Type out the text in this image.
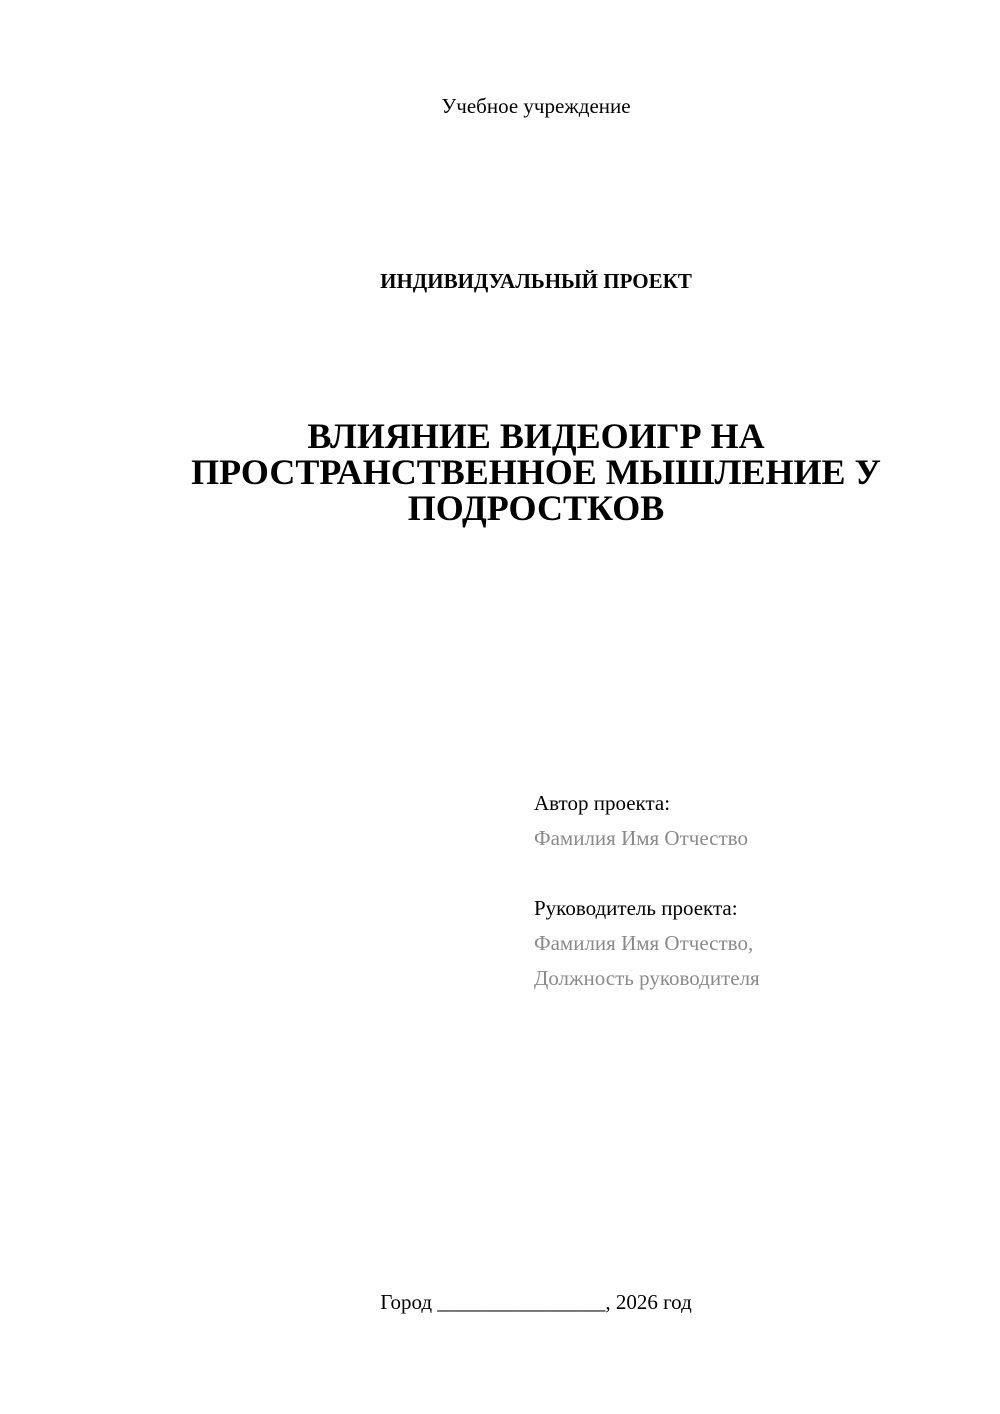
Учебное учреждение
ИНДИВИДУАЛЬНЫЙ ПРОЕКТ
ВЛИЯНИЕ ВИДЕОИГР НА
ПРОСТРАНСТВЕННОЕ МЫШЛЕНИЕ У
ПОДРОСТКОВ
Автор проекта:
Фамилия Имя Отчество
Руководитель проекта:
Фамилия Имя Отчество,
Должность руководителя
Город ________________, 2026 год
